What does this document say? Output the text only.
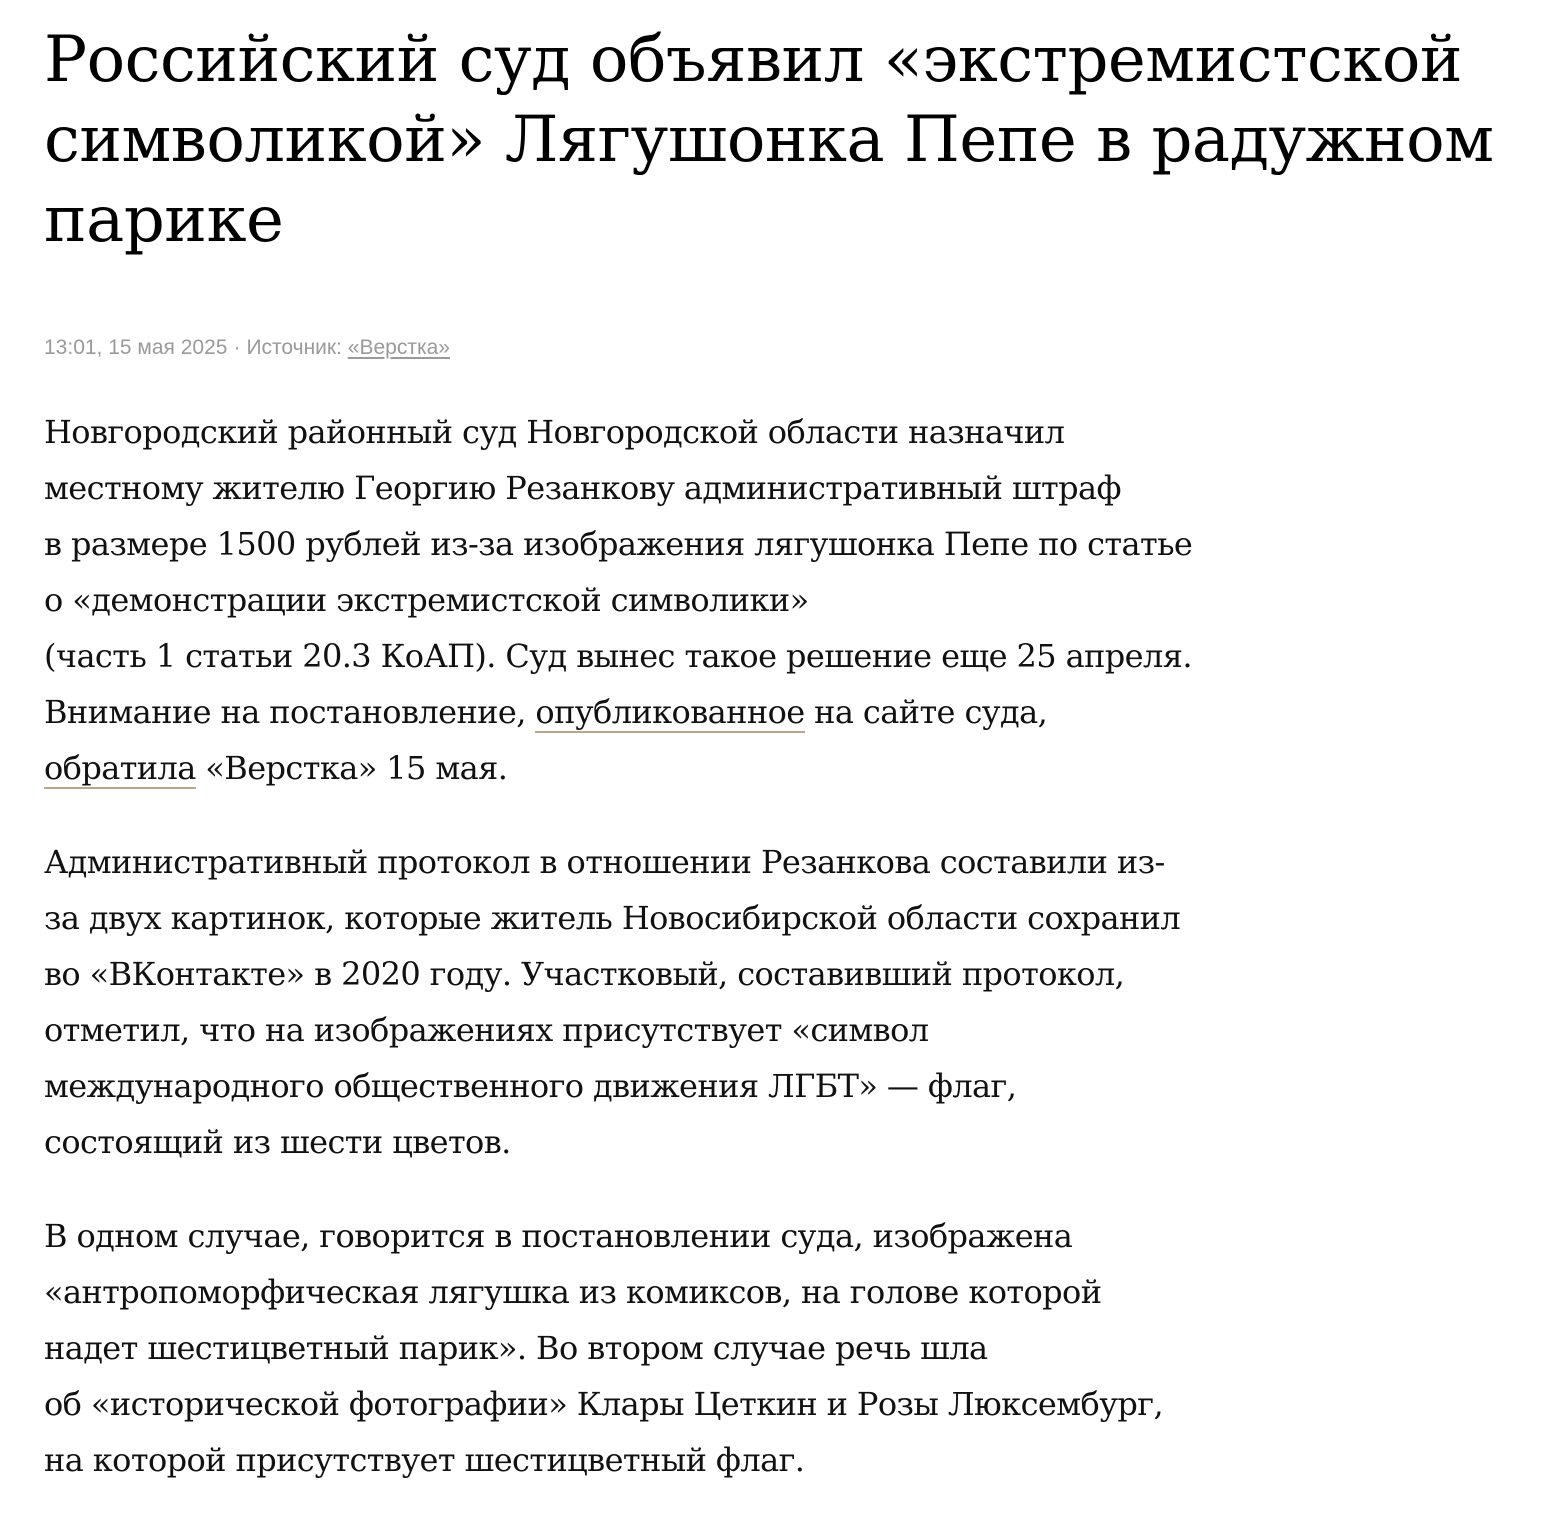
Российский суд объявил «экстремистской
символикой» Лягушонка Пепе в радужном
парике
13:01, 15 мая 2025 · Источник: «Верстка»

Новгородский районный суд Новгородской области назначил
местному жителю Георгию Резанкову административный штраф
в размере 1500 рублей из-за изображения лягушонка Пепе по статье
о «демонстрации экстремистской символики»
(часть 1 статьи 20.3 КоАП). Суд вынес такое решение еще 25 апреля.
Внимание на постановление, опубликованное на сайте суда,
обратила «Верстка» 15 мая.

Административный протокол в отношении Резанкова составили из-
за двух картинок, которые житель Новосибирской области сохранил
во «ВКонтакте» в 2020 году. Участковый, составивший протокол,
отметил, что на изображениях присутствует «символ
международного общественного движения ЛГБТ» — флаг,
состоящий из шести цветов.

В одном случае, говорится в постановлении суда, изображена
«антропоморфическая лягушка из комиксов, на голове которой
надет шестицветный парик». Во втором случае речь шла
об «исторической фотографии» Клары Цеткин и Розы Люксембург,
на которой присутствует шестицветный флаг.
